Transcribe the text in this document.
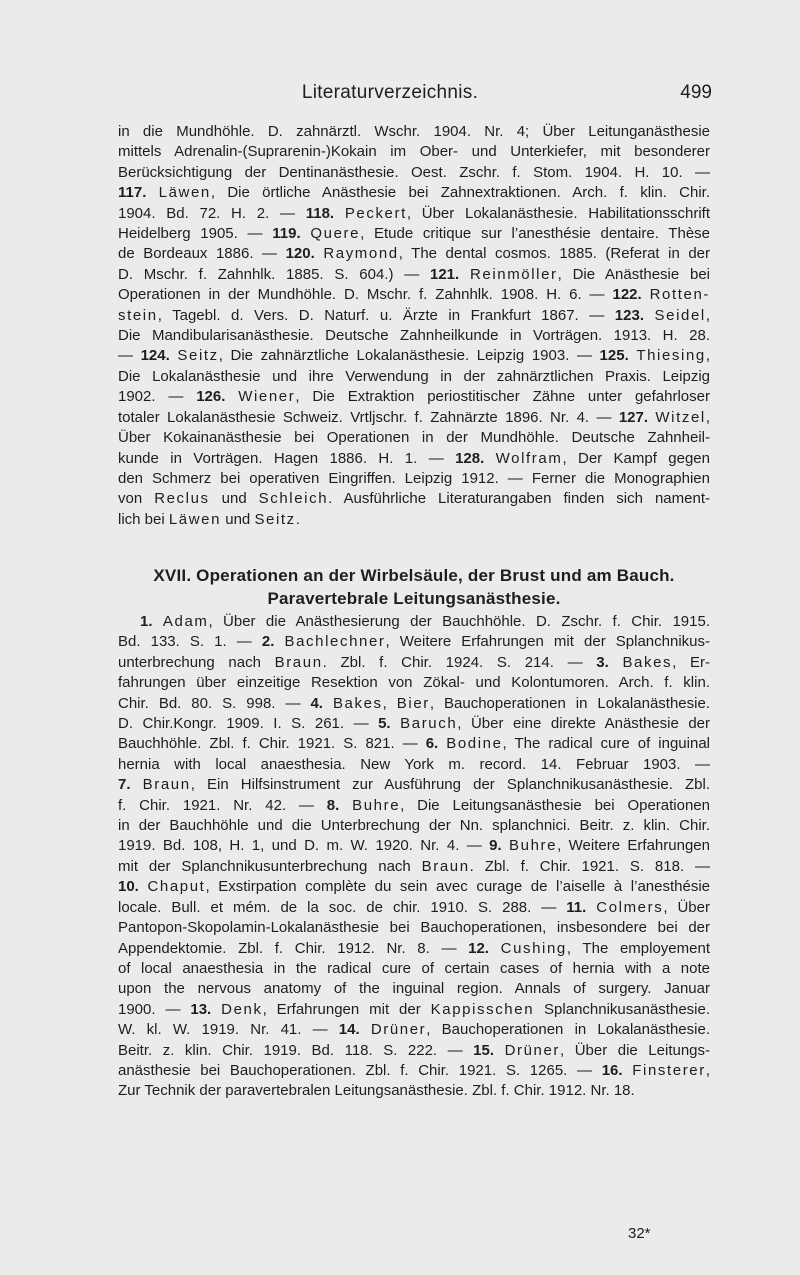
Literaturverzeichnis.	499
in die Mundhöhle. D. zahnärztl. Wschr. 1904. Nr. 4; Über Leitunganästhesie
mittels Adrenalin-(Suprarenin-)Kokain im Ober- und Unterkiefer, mit besonderer
Berücksichtigung der Dentinanästhesie. Oest. Zschr. f. Stom. 1904. H. 10. —
117. Läwen, Die örtliche Anästhesie bei Zahnextraktionen. Arch. f. klin. Chir.
1904. Bd. 72. H. 2. — 118. Peckert, Über Lokalanästhesie. Habilitationsschrift
Heidelberg 1905. — 119. Quere, Etude critique sur l’anesthésie dentaire. Thèse
de Bordeaux 1886. — 120. Raymond, The dental cosmos. 1885. (Referat in der
D. Mschr. f. Zahnhlk. 1885. S. 604.) — 121. Reinmöller, Die Anästhesie bei
Operationen in der Mundhöhle. D. Mschr. f. Zahnhlk. 1908. H. 6. — 122. Rotten-
stein, Tagebl. d. Vers. D. Naturf. u. Ärzte in Frankfurt 1867. — 123. Seidel,
Die Mandibularisanästhesie. Deutsche Zahnheilkunde in Vorträgen. 1913. H. 28.
— 124. Seitz, Die zahnärztliche Lokalanästhesie. Leipzig 1903. — 125. Thiesing,
Die Lokalanästhesie und ihre Verwendung in der zahnärztlichen Praxis. Leipzig
1902. — 126. Wiener, Die Extraktion periostitischer Zähne unter gefahrloser
totaler Lokalanästhesie Schweiz. Vrtljschr. f. Zahnärzte 1896. Nr. 4. — 127. Witzel,
Über Kokainanästhesie bei Operationen in der Mundhöhle. Deutsche Zahnheil-
kunde in Vorträgen. Hagen 1886. H. 1. — 128. Wolfram, Der Kampf gegen
den Schmerz bei operativen Eingriffen. Leipzig 1912. — Ferner die Monographien
von Reclus und Schleich. Ausführliche Literaturangaben finden sich nament-
lich bei Läwen und Seitz.
XVII. Operationen an der Wirbelsäule, der Brust und am Bauch.
Paravertebrale Leitungsanästhesie.
1. Adam, Über die Anästhesierung der Bauchhöhle. D. Zschr. f. Chir. 1915.
Bd. 133. S. 1. — 2. Bachlechner, Weitere Erfahrungen mit der Splanchnikus-
unterbrechung nach Braun. Zbl. f. Chir. 1924. S. 214. — 3. Bakes, Er-
fahrungen über einzeitige Resektion von Zökal- und Kolontumoren. Arch. f. klin.
Chir. Bd. 80. S. 998. — 4. Bakes, Bier, Bauchoperationen in Lokalanästhesie.
D. Chir.Kongr. 1909. I. S. 261. — 5. Baruch, Über eine direkte Anästhesie der
Bauchhöhle. Zbl. f. Chir. 1921. S. 821. — 6. Bodine, The radical cure of inguinal
hernia with local anaesthesia. New York m. record. 14. Februar 1903. —
7. Braun, Ein Hilfsinstrument zur Ausführung der Splanchnikusanästhesie. Zbl.
f. Chir. 1921. Nr. 42. — 8. Buhre, Die Leitungsanästhesie bei Operationen
in der Bauchhöhle und die Unterbrechung der Nn. splanchnici. Beitr. z. klin. Chir.
1919. Bd. 108, H. 1, und D. m. W. 1920. Nr. 4. — 9. Buhre, Weitere Erfahrungen
mit der Splanchnikusunterbrechung nach Braun. Zbl. f. Chir. 1921. S. 818. —
10. Chaput, Exstirpation complète du sein avec curage de l’aiselle à l’anesthésie
locale. Bull. et mém. de la soc. de chir. 1910. S. 288. — 11. Colmers, Über
Pantopon-Skopolamin-Lokalanästhesie bei Bauchoperationen, insbesondere bei der
Appendektomie. Zbl. f. Chir. 1912. Nr. 8. — 12. Cushing, The employement
of local anaesthesia in the radical cure of certain cases of hernia with a note
upon the nervous anatomy of the inguinal region. Annals of surgery. Januar
1900. — 13. Denk, Erfahrungen mit der Kappisschen Splanchnikusanästhesie.
W. kl. W. 1919. Nr. 41. — 14. Drüner, Bauchoperationen in Lokalanästhesie.
Beitr. z. klin. Chir. 1919. Bd. 118. S. 222. — 15. Drüner, Über die Leitungs-
anästhesie bei Bauchoperationen. Zbl. f. Chir. 1921. S. 1265. — 16. Finsterer,
Zur Technik der paravertebralen Leitungsanästhesie. Zbl. f. Chir. 1912. Nr. 18.
32*
